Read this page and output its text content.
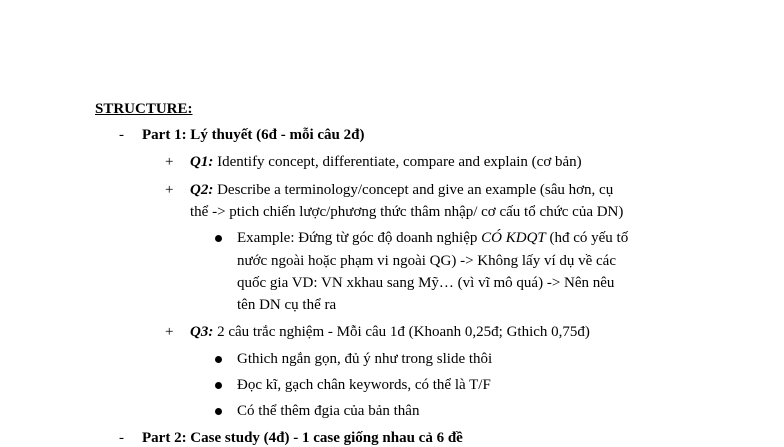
STRUCTURE:
- Part 1: Lý thuyết (6đ - mỗi câu 2đ)
+ Q1: Identify concept, differentiate, compare and explain (cơ bản)
+ Q2: Describe a terminology/concept and give an example (sâu hơn, cụ
thể -> ptich chiến lược/phương thức thâm nhập/ cơ cấu tổ chức của DN)
Example: Đứng từ góc độ doanh nghiệp CÓ KDQT (hđ có yếu tố
nước ngoài hoặc phạm vi ngoài QG) -> Không lấy ví dụ về các
quốc gia VD: VN xkhau sang Mỹ… (vì vĩ mô quá) -> Nên nêu
tên DN cụ thể ra
+ Q3: 2 câu trắc nghiệm - Mỗi câu 1đ (Khoanh 0,25đ; Gthich 0,75đ)
Gthich ngắn gọn, đủ ý như trong slide thôi
Đọc kĩ, gạch chân keywords, có thể là T/F
Có thể thêm đgia của bản thân
- Part 2: Case study (4đ) - 1 case giống nhau cả 6 đề
